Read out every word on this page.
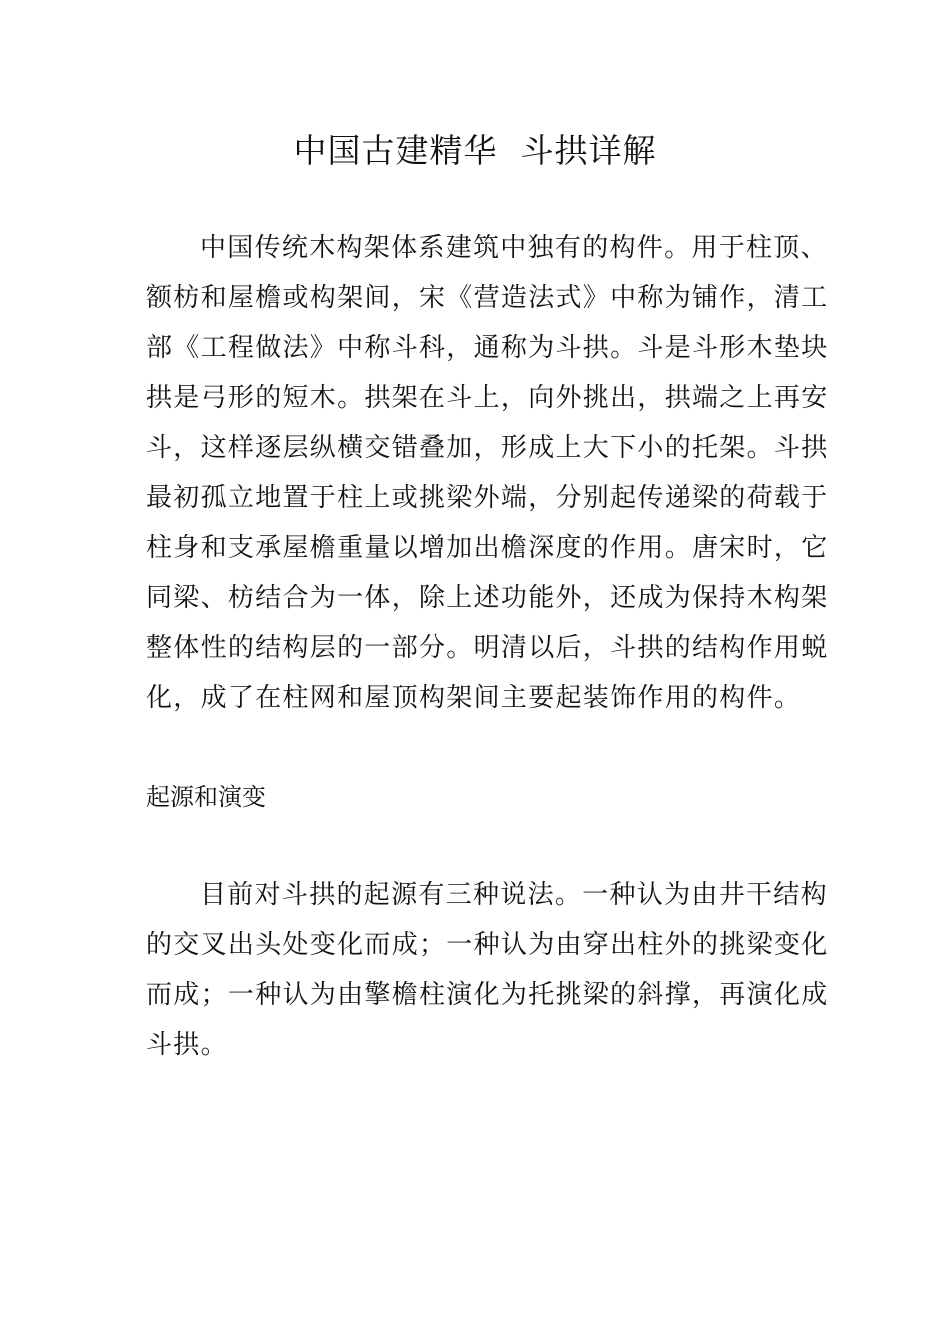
中国古建精华  斗拱详解
中国传统木构架体系建筑中独有的构件。用于柱顶、
额枋和屋檐或构架间，宋《营造法式》中称为铺作，清工
部《工程做法》中称斗科，通称为斗拱。斗是斗形木垫块
拱是弓形的短木。拱架在斗上，向外挑出，拱端之上再安
斗，这样逐层纵横交错叠加，形成上大下小的托架。斗拱
最初孤立地置于柱上或挑梁外端，分别起传递梁的荷载于
柱身和支承屋檐重量以增加出檐深度的作用。唐宋时，它
同梁、枋结合为一体，除上述功能外，还成为保持木构架
整体性的结构层的一部分。明清以后，斗拱的结构作用蜕
化，成了在柱网和屋顶构架间主要起装饰作用的构件。
起源和演变
目前对斗拱的起源有三种说法。一种认为由井干结构
的交叉出头处变化而成；一种认为由穿出柱外的挑梁变化
而成；一种认为由擎檐柱演化为托挑梁的斜撑，再演化成
斗拱。
